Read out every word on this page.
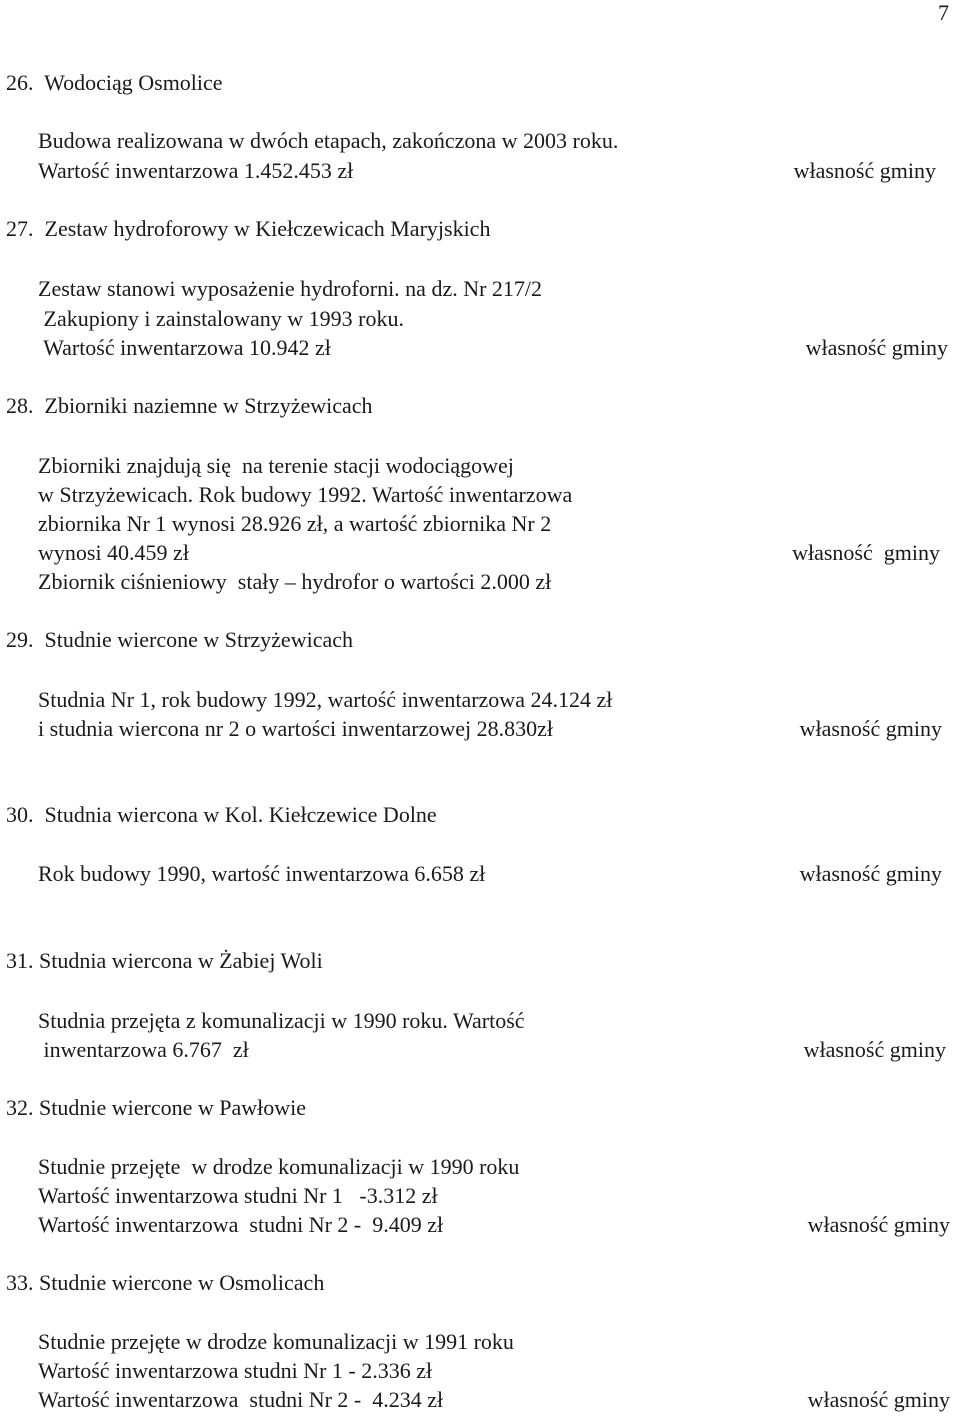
7
26.  Wodociąg Osmolice
Budowa realizowana w dwóch etapach, zakończona w 2003 roku.
Wartość inwentarzowa 1.452.453 zł	własność gminy
27.  Zestaw hydroforowy w Kiełczewicach Maryjskich
Zestaw stanowi wyposażenie hydroforni. na dz. Nr 217/2
Zakupiony i zainstalowany w 1993 roku.
Wartość inwentarzowa 10.942 zł	własność gminy
28.  Zbiorniki naziemne w Strzyżewicach
Zbiorniki znajdują się  na terenie stacji wodociągowej
w Strzyżewicach. Rok budowy 1992. Wartość inwentarzowa
zbiornika Nr 1 wynosi 28.926 zł, a wartość zbiornika Nr 2
wynosi 40.459 zł	własność  gminy
Zbiornik ciśnieniowy  stały – hydrofor o wartości 2.000 zł
29.  Studnie wiercone w Strzyżewicach
Studnia Nr 1, rok budowy 1992, wartość inwentarzowa 24.124 zł
i studnia wiercona nr 2 o wartości inwentarzowej 28.830zł	własność gminy
30.  Studnia wiercona w Kol. Kiełczewice Dolne
Rok budowy 1990, wartość inwentarzowa 6.658 zł	własność gminy
31. Studnia wiercona w Żabiej Woli
Studnia przejęta z komunalizacji w 1990 roku. Wartość
inwentarzowa 6.767  zł	własność gminy
32. Studnie wiercone w Pawłowie
Studnie przejęte  w drodze komunalizacji w 1990 roku
Wartość inwentarzowa studni Nr 1   -3.312 zł
Wartość inwentarzowa  studni Nr 2 -  9.409 zł	własność gminy
33. Studnie wiercone w Osmolicach
Studnie przejęte w drodze komunalizacji w 1991 roku
Wartość inwentarzowa studni Nr 1 - 2.336 zł
Wartość inwentarzowa  studni Nr 2 -  4.234 zł	własność gminy
